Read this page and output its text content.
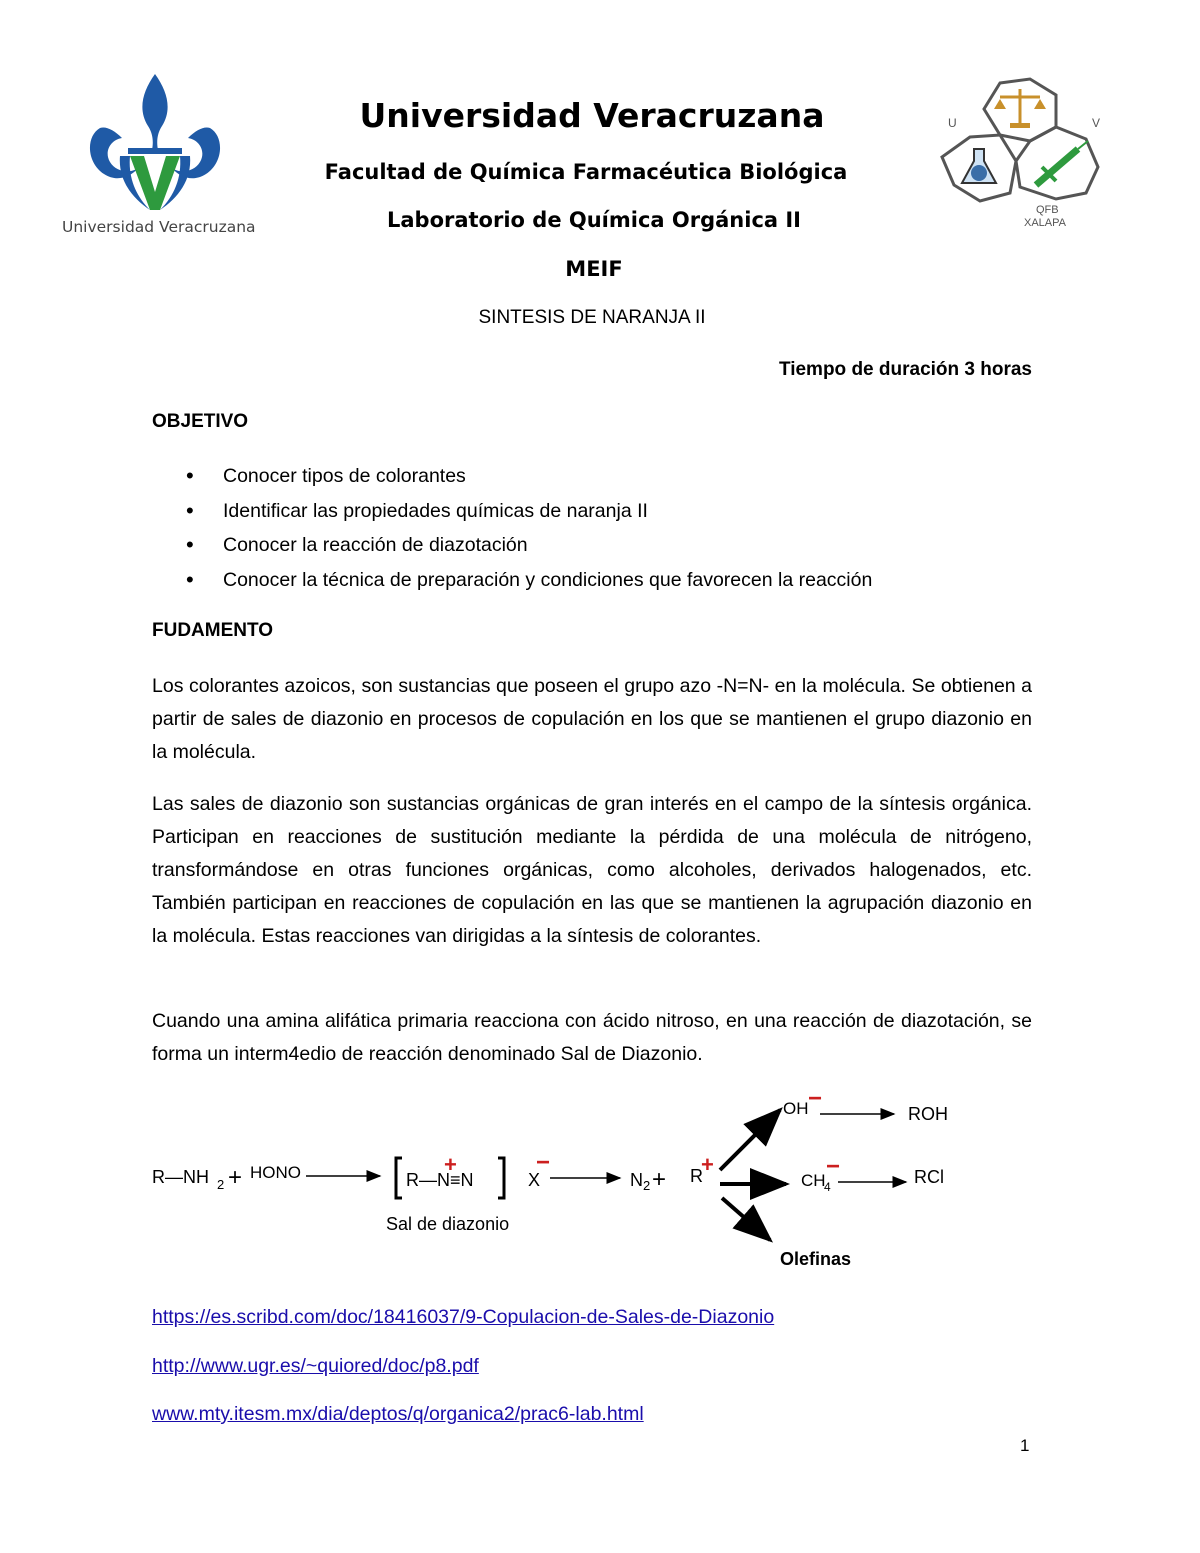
Universidad Veracruzana
U	V
QFB
XALAPA
Universidad Veracruzana
Facultad de Química Farmacéutica Biológica
Laboratorio de Química Orgánica II
MEIF
SINTESIS DE NARANJA II
Tiempo de duración 3 horas
OBJETIVO
• Conocer tipos de colorantes
• Identificar las propiedades químicas de naranja II
• Conocer la reacción de diazotación
• Conocer la técnica de preparación y condiciones que favorecen la reacción
FUDAMENTO
Los colorantes azoicos, son sustancias que poseen el grupo azo -N=N- en la molécula. Se obtienen a partir de sales de diazonio en procesos de copulación en los que se mantienen el grupo diazonio en la molécula.
Las sales de diazonio son sustancias orgánicas de gran interés en el campo de la síntesis orgánica. Participan en reacciones de sustitución mediante la pérdida de una molécula de nitrógeno, transformándose en otras funciones orgánicas, como alcoholes, derivados halogenados, etc. También participan en reacciones de copulación en las que se mantienen la agrupación diazonio en la molécula. Estas reacciones van dirigidas a la síntesis de colorantes.
Cuando una amina alifática primaria reacciona con ácido nitroso, en una reacción de diazotación, se forma un interm4edio de reacción denominado Sal de Diazonio.
R—NH 2 + HONO	R—N≡N
+
X
−
N 2 + R
+
OH −
ROH
CH
4
−	RCl
Sal de diazonio
Olefinas
https://es.scribd.com/doc/18416037/9-Copulacion-de-Sales-de-Diazonio
http://www.ugr.es/~quiored/doc/p8.pdf
www.mty.itesm.mx/dia/deptos/q/organica2/prac6-lab.html
1
